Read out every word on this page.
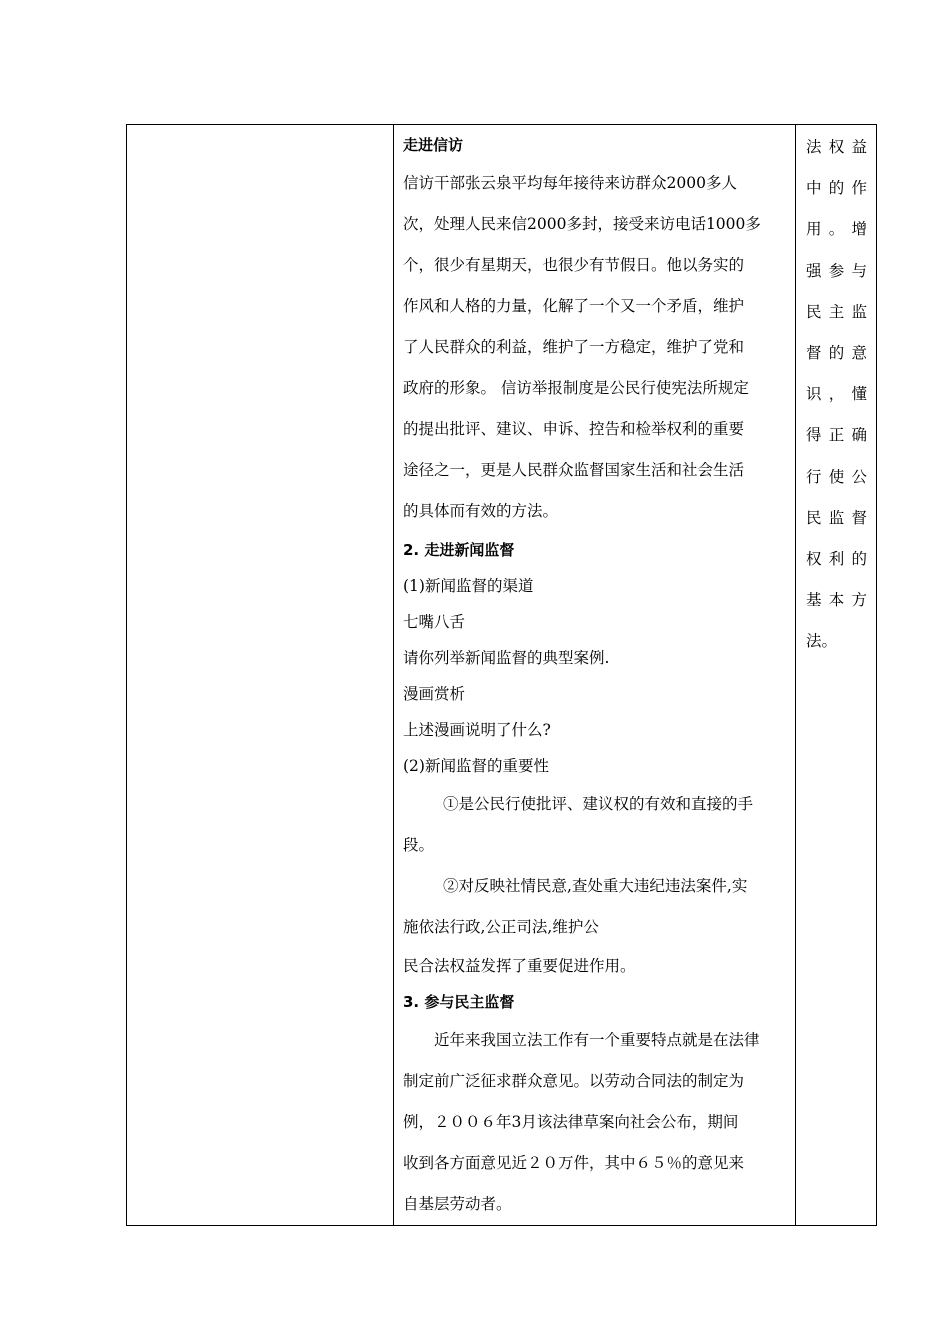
走进信访
信访干部张云泉平均每年接待来访群众2000多人
次，处理人民来信2000多封，接受来访电话1000多
个，很少有星期天，也很少有节假日。他以务实的
作风和人格的力量，化解了一个又一个矛盾，维护
了人民群众的利益，维护了一方稳定，维护了党和
政府的形象。 信访举报制度是公民行使宪法所规定
的提出批评、建议、申诉、控告和检举权利的重要
途径之一，更是人民群众监督国家生活和社会生活
的具体而有效的方法。
2. 走进新闻监督
(1)新闻监督的渠道
七嘴八舌
请你列举新闻监督的典型案例.
漫画赏析
上述漫画说明了什么?
(2)新闻监督的重要性
①是公民行使批评、建议权的有效和直接的手
段。
②对反映社情民意,查处重大违纪违法案件,实
施依法行政,公正司法,维护公
民合法权益发挥了重要促进作用。
3. 参与民主监督
近年来我国立法工作有一个重要特点就是在法律
制定前广泛征求群众意见。以劳动合同法的制定为
例，２００６年3月该法律草案向社会公布，期间
收到各方面意见近２０万件，其中６５％的意见来
自基层劳动者。

法权益
中的作
用。增
强参与
民主监
督的意
识，懂
得正确
行使公
民监督
权利的
基本方
法。
